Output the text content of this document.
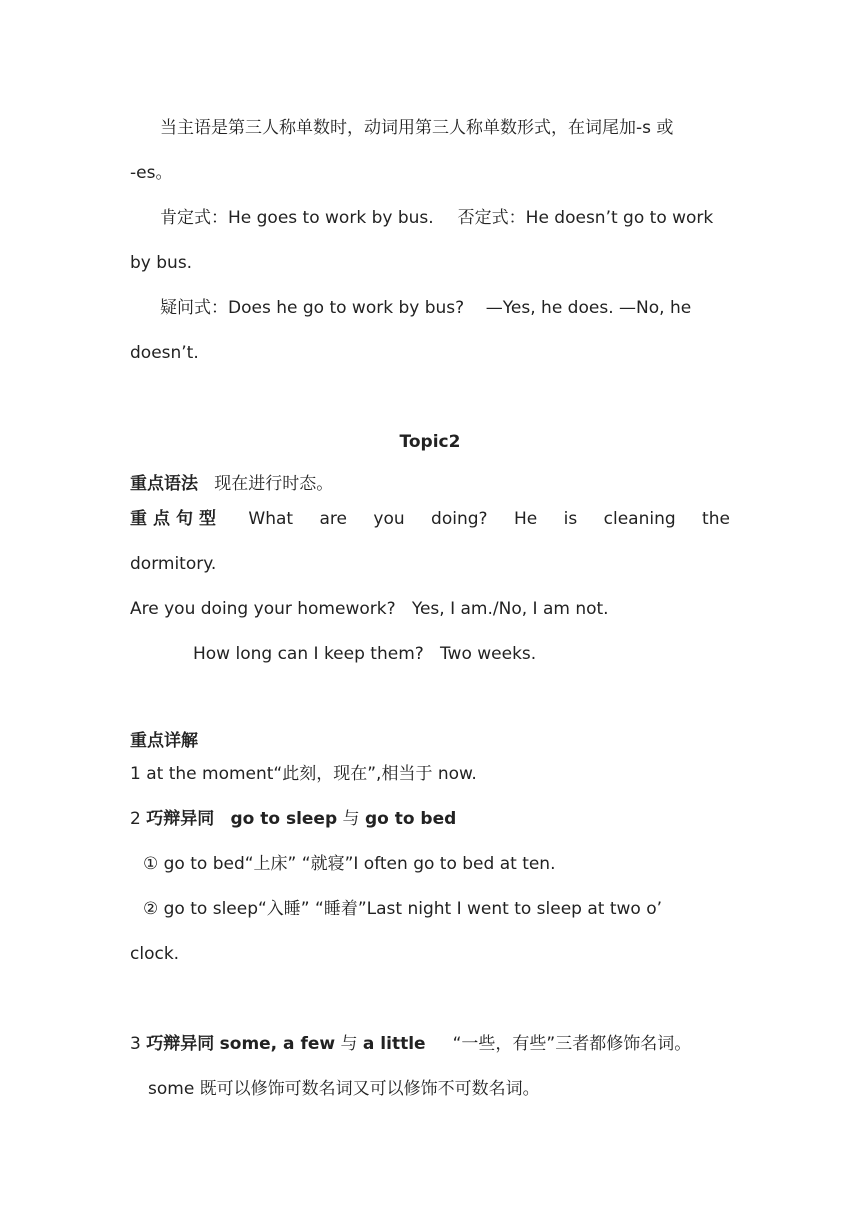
当主语是第三人称单数时，动词用第三人称单数形式，在词尾加-s 或
-es。
肯定式：He goes to work by bus. 否定式：He doesn’t go to work
by bus.
疑问式：Does he go to work by bus? —Yes, he does. —No, he
doesn’t.
Topic2
重点语法 现在进行时态。
重点句型 What are you doing? He is cleaning the
dormitory.
Are you doing your homework?   Yes, I am./No, I am not.
How long can I keep them?   Two weeks.
重点详解
1 at the moment“此刻，现在”,相当于 now.
2 巧辩异同 go to sleep 与 go to bed
① go to bed“上床” “就寝”I often go to bed at ten.
② go to sleep“入睡” “睡着”Last night I went to sleep at two o’
clock.
3 巧辩异同 some, a few 与 a little “一些，有些”三者都修饰名词。
some 既可以修饰可数名词又可以修饰不可数名词。
